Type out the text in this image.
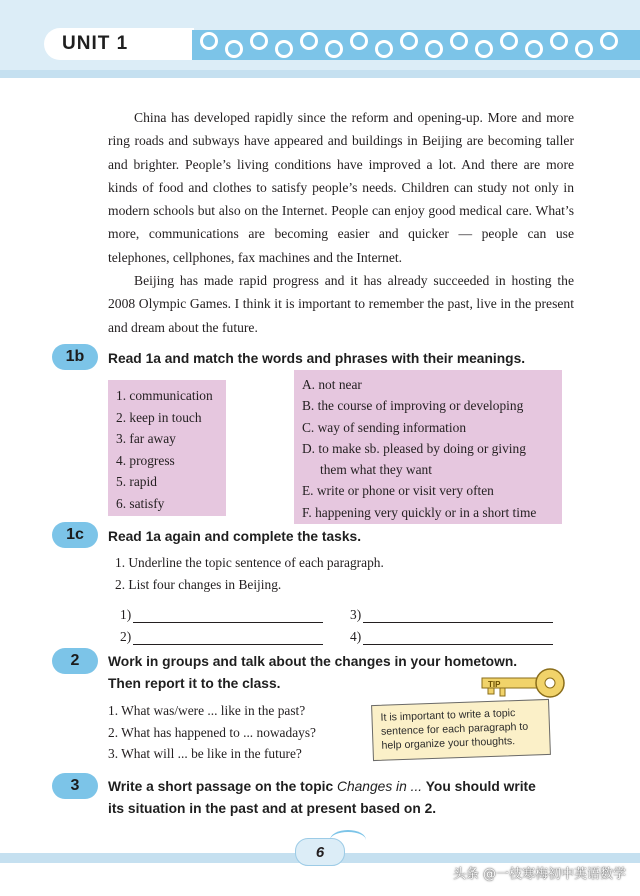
UNIT 1

China has developed rapidly since the reform and opening-up. More and more ring roads and subways have appeared and buildings in Beijing are becoming taller and brighter. People’s living conditions have improved a lot. And there are more kinds of food and clothes to satisfy people’s needs. Children can study not only in modern schools but also on the Internet. People can enjoy good medical care. What’s more, communications are becoming easier and quicker — people can use telephones, cellphones, fax machines and the Internet.

Beijing has made rapid progress and it has already succeeded in hosting the 2008 Olympic Games. I think it is important to remember the past, live in the present and dream about the future.

1b	Read 1a and match the words and phrases with their meanings.

1. communication
2. keep in touch
3. far away
4. progress
5. rapid
6. satisfy
A. not near
B. the course of improving or developing
C. way of sending information
D. to make sb. pleased by doing or giving
them what they want
E. write or phone or visit very often
F. happening very quickly or in a short time
1c	Read 1a again and complete the tasks.

1. Underline the topic sentence of each paragraph.
2. List four changes in Beijing.
1)
2)
3)
4)
2	Work in groups and talk about the changes in your hometown.

Then report it to the class.

1. What was/were ... like in the past?
2. What has happened to ... nowadays?
3. What will ... be like in the future?
TIP
It is important to write a topic sentence for each paragraph to help organize your thoughts.
3	Write a short passage on the topic Changes in ... You should write its situation in the past and at present based on 2.

6
头条 @一枝寒梅初中英语数学
